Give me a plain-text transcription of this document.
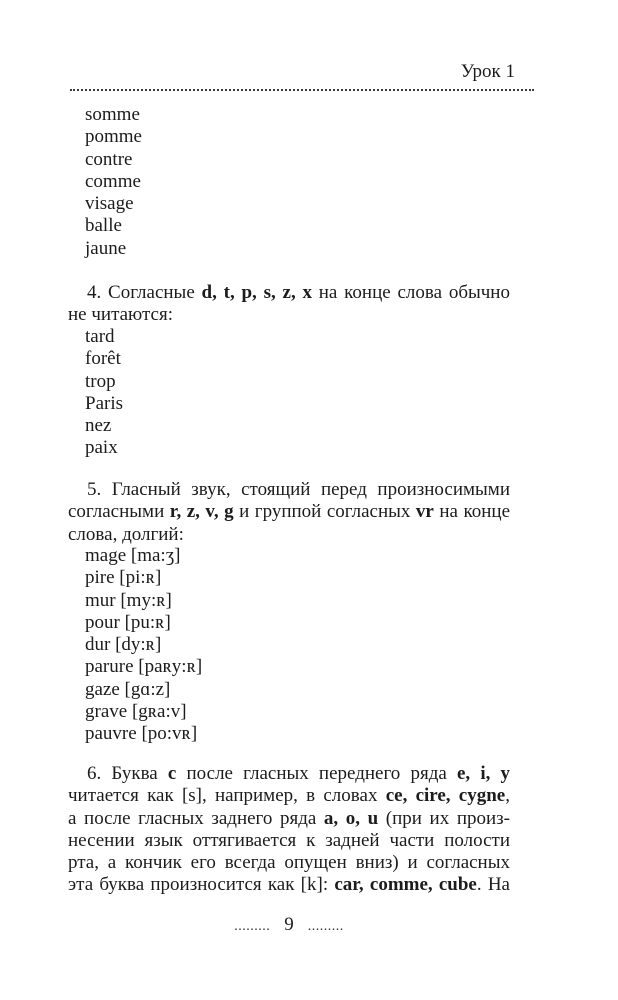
Урок 1
somme
pomme
contre
comme
visage
balle
jaune
4. Согласные d, t, p, s, z, x на конце слова обычно
не читаются:
tard
forêt
trop
Paris
nez
paix
5. Гласный звук, стоящий перед произносимыми
согласными r, z, v, g и группой согласных vr на конце
слова, долгий:
mage [ma:ʒ]
pire [pi:ʀ]
mur [my:ʀ]
pour [pu:ʀ]
dur [dy:ʀ]
parure [paʀy:ʀ]
gaze [gɑ:z]
grave [gʀa:v]
pauvre [po:vʀ]
6. Буква c после гласных переднего ряда e, i, y
читается как [s], например, в словах ce, cire, cygne,
а после гласных заднего ряда a, o, u (при их произ-
несении язык оттягивается к задней части полости
рта, а кончик его всегда опущен вниз) и согласных
эта буква произносится как [k]: car, comme, cube. На
......... 9 .........
